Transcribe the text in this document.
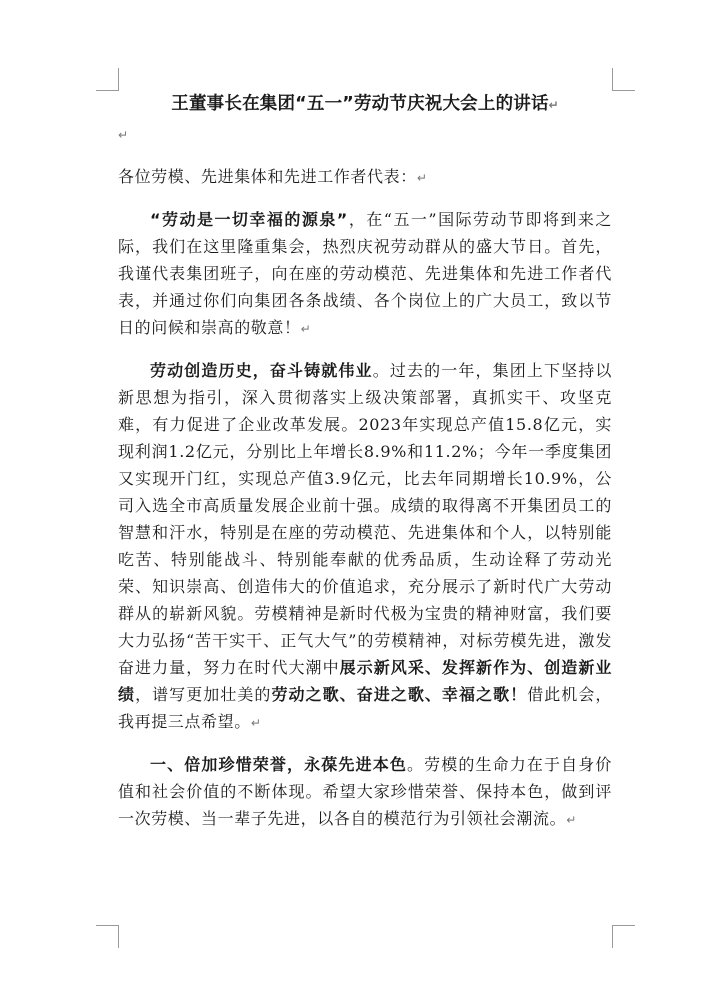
王董事长在集团“五一”劳动节庆祝大会上的讲话↵

↵

各位劳模、先进集体和先进工作者代表：↵

“劳动是一切幸福的源泉”，在“五一”国际劳动节即将到来之际，我们在这里隆重集会，热烈庆祝劳动群从的盛大节日。首先，我谨代表集团班子，向在座的劳动模范、先进集体和先进工作者代表，并通过你们向集团各条战绩、各个岗位上的广大员工，致以节日的问候和崇高的敬意！↵

劳动创造历史，奋斗铸就伟业。过去的一年，集团上下坚持以新思想为指引，深入贯彻落实上级决策部署，真抓实干、攻坚克难，有力促进了企业改革发展。2023年实现总产值15.8亿元，实现利润1.2亿元，分别比上年增长8.9%和11.2%；今年一季度集团又实现开门红，实现总产值3.9亿元，比去年同期增长10.9%，公司入选全市高质量发展企业前十强。成绩的取得离不开集团员工的智慧和汗水，特别是在座的劳动模范、先进集体和个人，以特别能吃苦、特别能战斗、特别能奉献的优秀品质，生动诠释了劳动光荣、知识崇高、创造伟大的价值追求，充分展示了新时代广大劳动群从的崭新风貌。劳模精神是新时代极为宝贵的精神财富，我们要大力弘扬“苦干实干、正气大气”的劳模精神，对标劳模先进，激发奋进力量，努力在时代大潮中展示新风采、发挥新作为、创造新业绩，谱写更加壮美的劳动之歌、奋进之歌、幸福之歌！借此机会，我再提三点希望。↵

一、倍加珍惜荣誉，永葆先进本色。劳模的生命力在于自身价值和社会价值的不断体现。希望大家珍惜荣誉、保持本色，做到评一次劳模、当一辈子先进，以各自的模范行为引领社会潮流。↵
